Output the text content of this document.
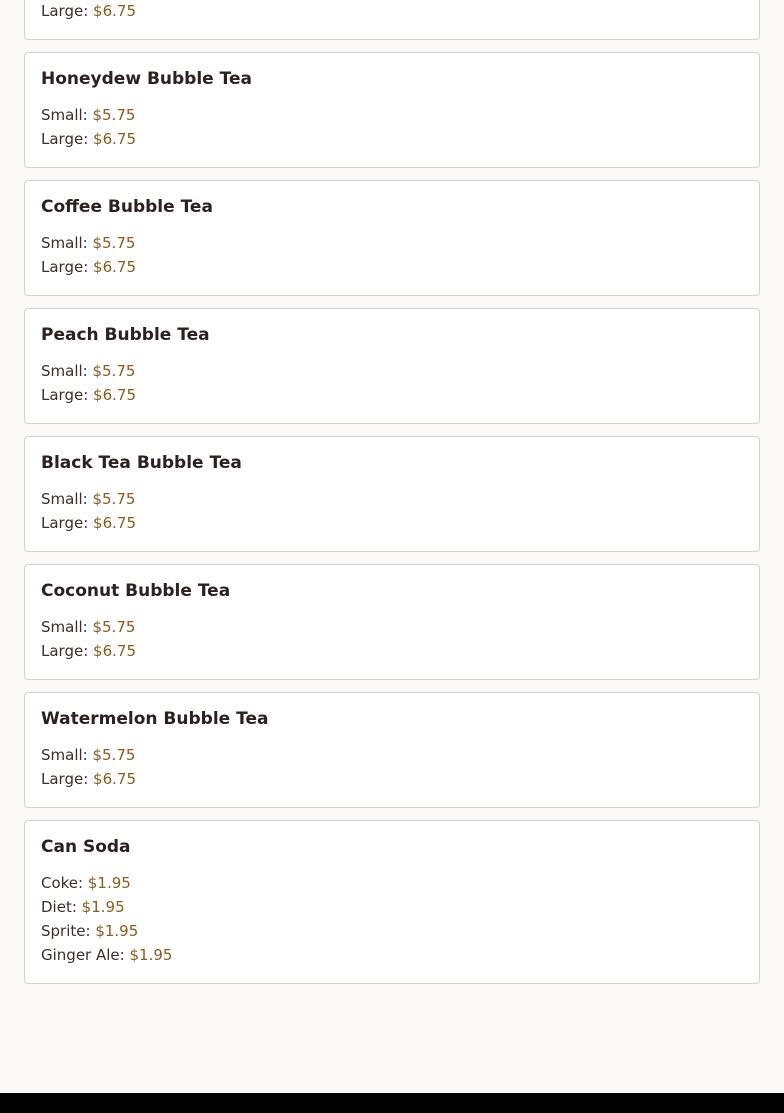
Large: $6.75
Honeydew Bubble Tea
Small: $5.75
Large: $6.75
Coffee Bubble Tea
Small: $5.75
Large: $6.75
Peach Bubble Tea
Small: $5.75
Large: $6.75
Black Tea Bubble Tea
Small: $5.75
Large: $6.75
Coconut Bubble Tea
Small: $5.75
Large: $6.75
Watermelon Bubble Tea
Small: $5.75
Large: $6.75
Can Soda
Coke: $1.95
Diet: $1.95
Sprite: $1.95
Ginger Ale: $1.95
